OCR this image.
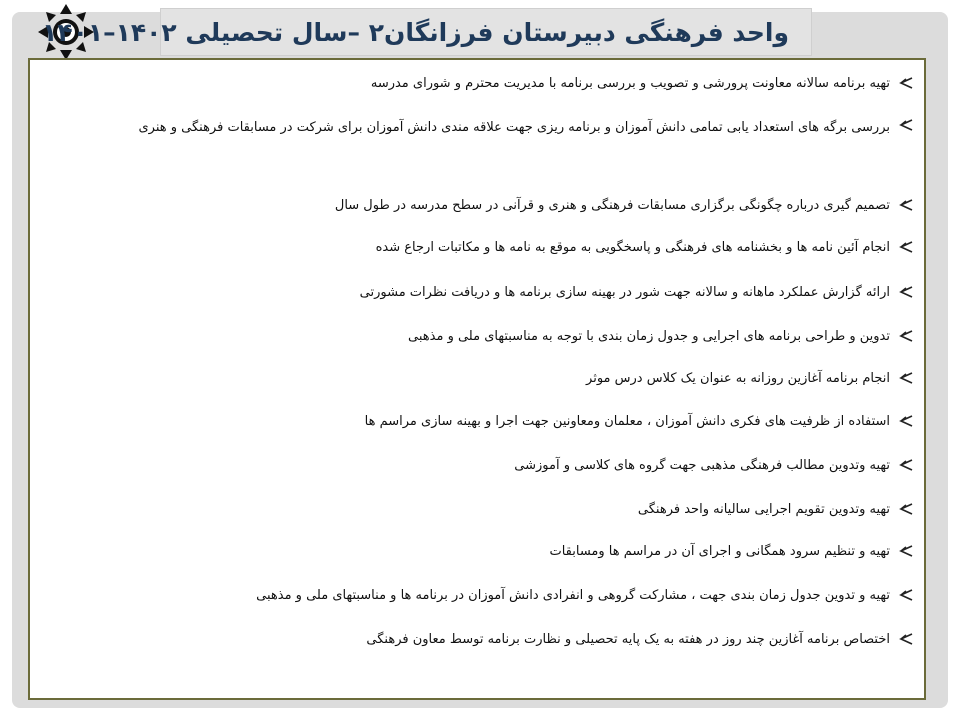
واحد فرهنگی دبیرستان فرزانگان۲ –سال تحصیلی ۱۴۰۲–۱۴۰۱
تهیه برنامه سالانه معاونت پرورشی و تصویب و بررسی برنامه با مدیریت محترم و شورای مدرسه
بررسی برگه های استعداد یابی تمامی دانش آموزان و برنامه ریزی جهت علاقه مندی دانش آموزان برای شرکت در مسابقات فرهنگی و هنری
تصمیم گیری درباره چگونگی برگزاری مسابقات فرهنگی و هنری و قرآنی در سطح مدرسه در طول سال
انجام آئین نامه ها و بخشنامه های فرهنگی و پاسخگویی به موقع به نامه ها و مکاتبات ارجاع شده
ارائه گزارش عملکرد ماهانه و سالانه جهت شور در بهینه سازی برنامه ها و دریافت نظرات مشورتی
تدوین و طراحی برنامه های اجرایی و جدول زمان بندی با توجه به مناسبتهای ملی و مذهبی
انجام برنامه آغازین روزانه به عنوان یک کلاس درس موثر
استفاده از ظرفیت های فکری دانش آموزان ، معلمان ومعاونین جهت اجرا و بهینه سازی مراسم ها
تهیه وتدوین مطالب فرهنگی مذهبی جهت گروه های کلاسی و آموزشی
تهیه وتدوین تقویم اجرایی سالیانه واحد فرهنگی
تهیه و تنظیم سرود همگانی و اجرای آن در مراسم ها ومسابقات
تهیه و تدوین جدول زمان بندی جهت ، مشارکت گروهی و انفرادی دانش آموزان در برنامه ها و مناسبتهای ملی و مذهبی
اختصاص برنامه آغازین چند روز در هفته به یک پایه تحصیلی و نظارت برنامه توسط معاون فرهنگی
